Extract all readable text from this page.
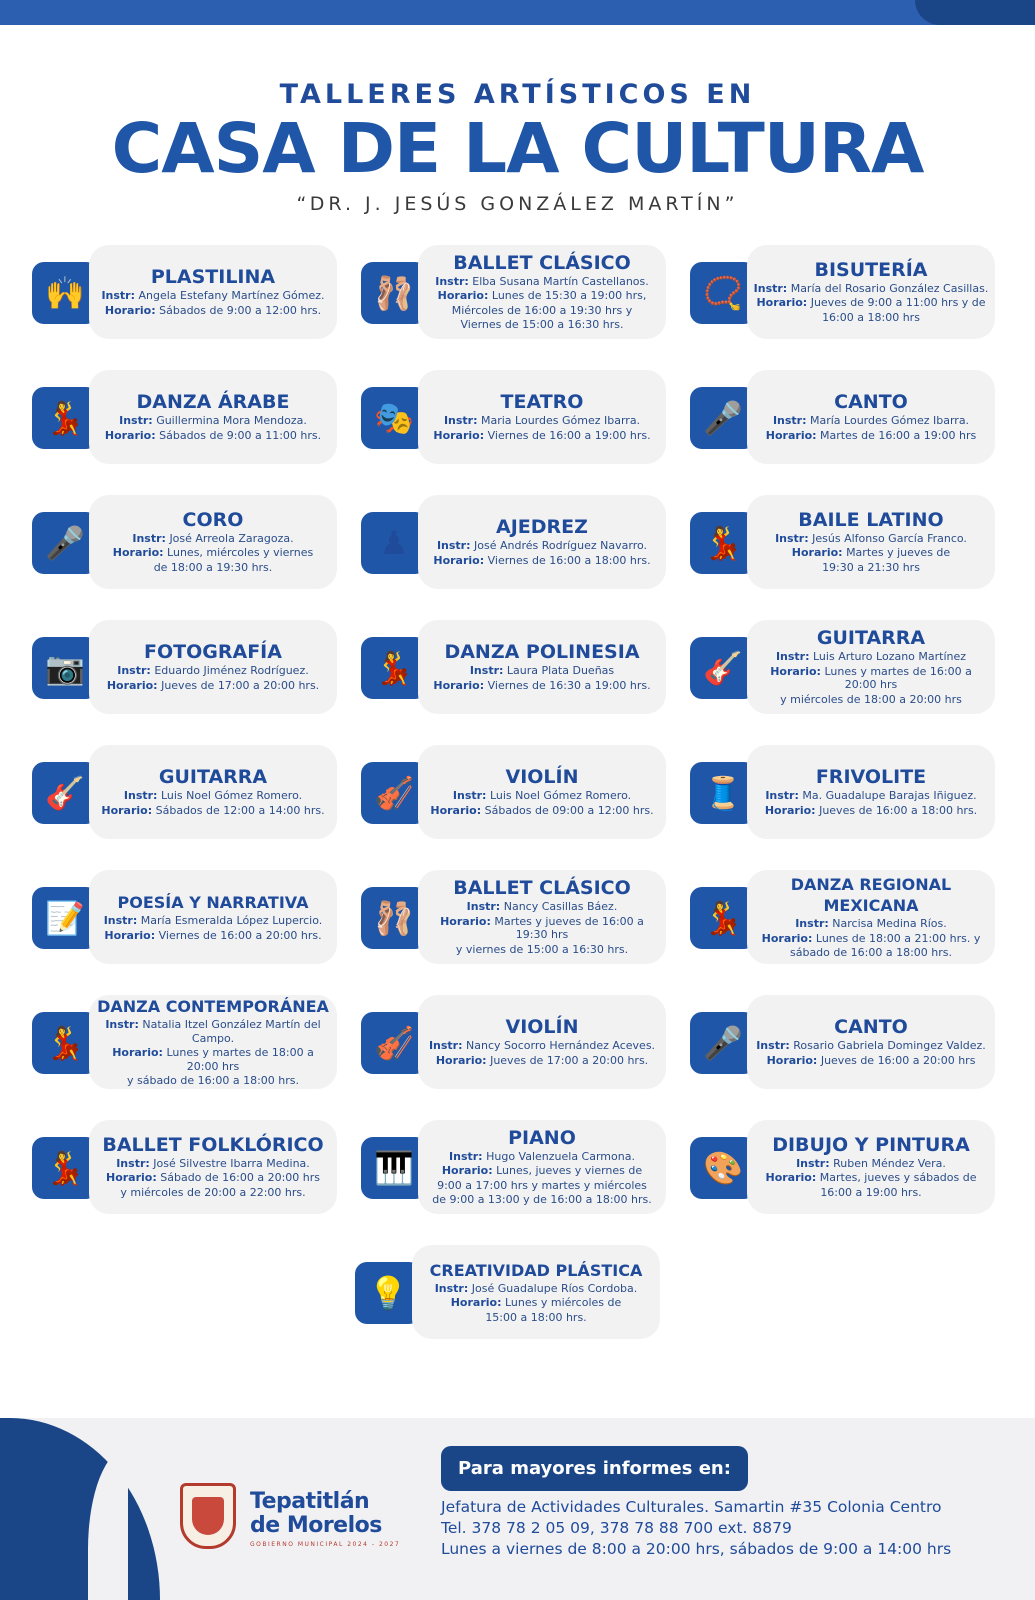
TALLERES ARTÍSTICOS EN
CASA DE LA CULTURA
“DR. J. JESÚS GONZÁLEZ MARTÍN”
🙌	PLASTILINA
Instr: Angela Estefany Martínez Gómez.
Horario: Sábados de 9:00 a 12:00 hrs.	🩰
BALLET CLÁSICO
Instr: Elba Susana Martín Castellanos.
Horario: Lunes de 15:30 a 19:00 hrs,
Miércoles de 16:00 a 19:30 hrs y
Viernes de 15:00 a 16:30 hrs.
📿
BISUTERÍA
Instr: María del Rosario González Casillas.
Horario: Jueves de 9:00 a 11:00 hrs y de
16:00 a 18:00 hrs
💃	DANZA ÁRABE
Instr: Guillermina Mora Mendoza.
Horario: Sábados de 9:00 a 11:00 hrs.	🎭	TEATRO
Instr: Maria Lourdes Gómez Ibarra.
Horario: Viernes de 16:00 a 19:00 hrs. 🎤	CANTO
Instr: María Lourdes Gómez Ibarra.
Horario: Martes de 16:00 a 19:00 hrs
🎤
CORO
Instr: José Arreola Zaragoza.
Horario: Lunes, miércoles y viernes
de 18:00 a 19:30 hrs.
♟	AJEDREZ
Instr: José Andrés Rodríguez Navarro.
Horario: Viernes de 16:00 a 18:00 hrs. 💃
BAILE LATINO
Instr: Jesús Alfonso García Franco.
Horario: Martes y jueves de
19:30 a 21:30 hrs
📷	FOTOGRAFÍA
Instr: Eduardo Jiménez Rodríguez.
Horario: Jueves de 17:00 a 20:00 hrs.	💃	DANZA POLINESIA
Instr: Laura Plata Dueñas
Horario: Viernes de 16:30 a 19:00 hrs. 🎸
GUITARRA
Instr: Luis Arturo Lozano Martínez
Horario: Lunes y martes de 16:00 a 20:00 hrs
y miércoles de 18:00 a 20:00 hrs
🎸	GUITARRA
Instr: Luis Noel Gómez Romero.
Horario: Sábados de 12:00 a 14:00 hrs. 🎻	VIOLÍN
Instr: Luis Noel Gómez Romero.
Horario: Sábados de 09:00 a 12:00 hrs. 🧵	FRIVOLITE
Instr: Ma. Guadalupe Barajas Iñiguez.
Horario: Jueves de 16:00 a 18:00 hrs.
📝	POESÍA Y NARRATIVA
Instr: María Esmeralda López Lupercio.
Horario: Viernes de 16:00 a 20:00 hrs. 🩰
BALLET CLÁSICO
Instr: Nancy Casillas Báez.
Horario: Martes y jueves de 16:00 a 19:30 hrs
y viernes de 15:00 a 16:30 hrs.
💃
DANZA REGIONAL MEXICANA
Instr: Narcisa Medina Ríos.
Horario: Lunes de 18:00 a 21:00 hrs. y
sábado de 16:00 a 18:00 hrs.
💃
DANZA CONTEMPORÁNEA
Instr: Natalia Itzel González Martín del Campo.
Horario: Lunes y martes de 18:00 a 20:00 hrs
y sábado de 16:00 a 18:00 hrs.
🎻	VIOLÍN
Instr: Nancy Socorro Hernández Aceves.
Horario: Jueves de 17:00 a 20:00 hrs.	🎤	CANTO
Instr: Rosario Gabriela Domingez Valdez.
Horario: Jueves de 16:00 a 20:00 hrs
💃
BALLET FOLKLÓRICO
Instr: José Silvestre Ibarra Medina.
Horario: Sábado de 16:00 a 20:00 hrs
y miércoles de 20:00 a 22:00 hrs.
🎹
PIANO
Instr: Hugo Valenzuela Carmona.
Horario: Lunes, jueves y viernes de
9:00 a 17:00 hrs y martes y miércoles
de 9:00 a 13:00 y de 16:00 a 18:00 hrs.
🎨
DIBUJO Y PINTURA
Instr: Ruben Méndez Vera.
Horario: Martes, jueves y sábados de
16:00 a 19:00 hrs.
💡
CREATIVIDAD PLÁSTICA
Instr: José Guadalupe Ríos Cordoba.
Horario: Lunes y miércoles de
15:00 a 18:00 hrs.
Tepatitlán
de Morelos
GOBIERNO MUNICIPAL 2024 - 2027
Para mayores informes en:
Jefatura de Actividades Culturales. Samartin #35 Colonia Centro
Tel. 378 78 2 05 09, 378 78 88 700 ext. 8879
Lunes a viernes de 8:00 a 20:00 hrs, sábados de 9:00 a 14:00 hrs
